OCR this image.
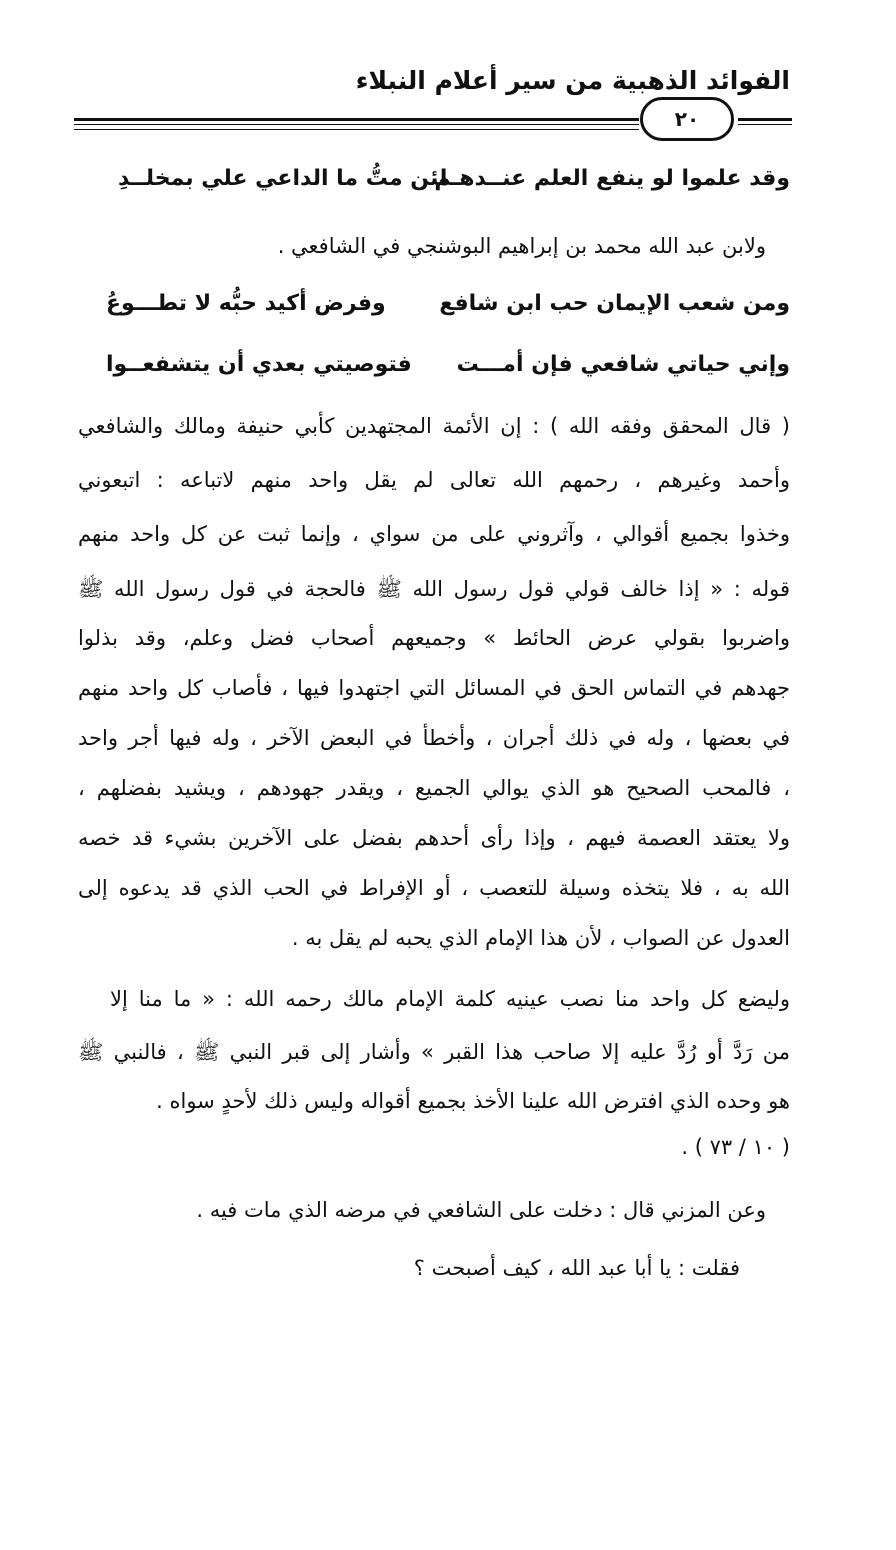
الفوائد الذهبية من سير أعلام النبلاء
٢٠
وقد علموا لو ينفع العلم عنــدهـم
لئن متُّ ما الداعي علي بمخلــدِ
ولابن عبد الله محمد بن إبراهيم البوشنجي في الشافعي .
ومن شعب الإيمان حب ابن شافع
وفرض أكيد حبُّه لا تطـــوعُ
وإني حياتي شافعي فإن أمـــت
فتوصيتي بعدي أن يتشفعــوا
( قال المحقق وفقه الله ) : إن الأئمة المجتهدين كأبي حنيفة ومالك والشافعي
وأحمد وغيرهم ، رحمهم الله تعالى لم يقل واحد منهم لاتباعه : اتبعوني
وخذوا بجميع أقوالي ، وآثروني على من سواي ، وإنما ثبت عن كل واحد منهم
قوله : « إذا خالف قولي قول رسول الله ﷺ فالحجة في قول رسول الله ﷺ
واضربوا بقولي عرض الحائط » وجميعهم أصحاب فضل وعلم، وقد بذلوا
جهدهم في التماس الحق في المسائل التي اجتهدوا فيها ، فأصاب كل واحد منهم
في بعضها ، وله في ذلك أجران ، وأخطأ في البعض الآخر ، وله فيها أجر واحد
، فالمحب الصحيح هو الذي يوالي الجميع ، ويقدر جهودهم ، ويشيد بفضلهم ،
ولا يعتقد العصمة فيهم ، وإذا رأى أحدهم بفضل على الآخرين بشيء قد خصه
الله به ، فلا يتخذه وسيلة للتعصب ، أو الإفراط في الحب الذي قد يدعوه إلى
العدول عن الصواب ، لأن هذا الإمام الذي يحبه لم يقل به .
وليضع كل واحد منا نصب عينيه كلمة الإمام مالك رحمه الله : « ما منا إلا
من رَدَّ أو رُدَّ عليه إلا صاحب هذا القبر » وأشار إلى قبر النبي ﷺ ، فالنبي ﷺ
هو وحده الذي افترض الله علينا الأخذ بجميع أقواله وليس ذلك لأحدٍ سواه .
( ١٠ / ٧٣ ) .
وعن المزني قال : دخلت على الشافعي في مرضه الذي مات فيه .
فقلت : يا أبا عبد الله ، كيف أصبحت ؟
